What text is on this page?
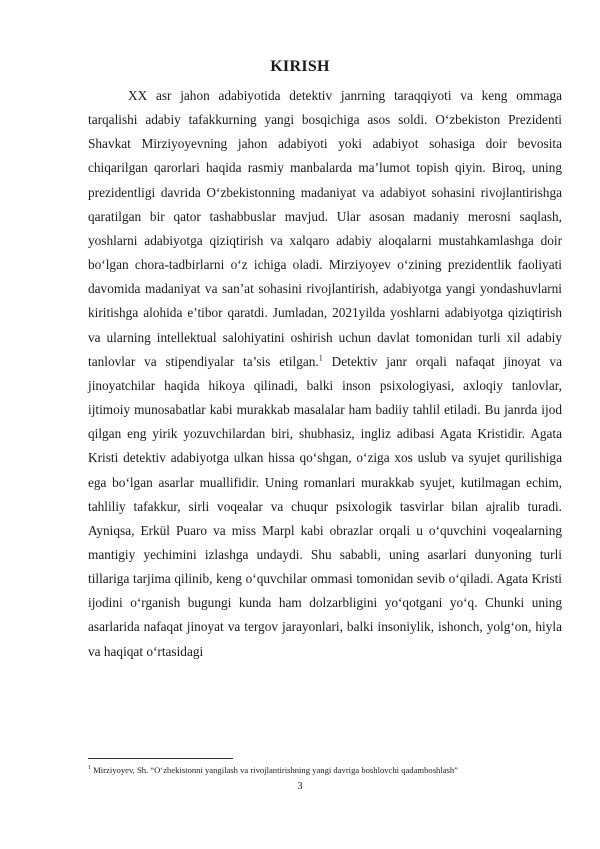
KIRISH

XX asr jahon adabiyotida detektiv janrning taraqqiyoti va keng ommaga tarqalishi adabiy tafakkurning yangi bosqichiga asos soldi. O‘zbekiston Prezidenti Shavkat Mirziyoyevning jahon adabiyoti yoki adabiyot sohasiga doir bevosita chiqarilgan qarorlari haqida rasmiy manbalarda ma’lumot topish qiyin. Biroq, uning prezidentligi davrida O‘zbekistonning madaniyat va adabiyot sohasini rivojlantirishga qaratilgan bir qator tashabbuslar mavjud. Ular asosan madaniy merosni saqlash, yoshlarni adabiyotga qiziqtirish va xalqaro adabiy aloqalarni mustahkamlashga doir bo‘lgan chora-tadbirlarni o‘z ichiga oladi. Mirziyoyev o‘zining prezidentlik faoliyati davomida madaniyat va san’at sohasini rivojlantirish, adabiyotga yangi yondashuvlarni kiritishga alohida e’tibor qaratdi. Jumladan, 2021yilda yoshlarni adabiyotga qiziqtirish va ularning intellektual salohiyatini oshirish uchun davlat tomonidan turli xil adabiy tanlovlar va stipendiyalar ta’sis etilgan.$^1$ Detektiv janr orqali nafaqat jinoyat va jinoyatchilar haqida hikoya qilinadi, balki inson psixologiyasi, axloqiy tanlovlar, ijtimoiy munosabatlar kabi murakkab masalalar ham badiiy tahlil etiladi. Bu janrda ijod qilgan eng yirik yozuvchilardan biri, shubhasiz, ingliz adibasi Agata Kristidir. Agata Kristi detektiv adabiyotga ulkan hissa qo‘shgan, o‘ziga xos uslub va syujet qurilishiga ega bo‘lgan asarlar muallifidir. Uning romanlari murakkab syujet, kutilmagan echim, tahliliy tafakkur, sirli voqealar va chuqur psixologik tasvirlar bilan ajralib turadi. Ayniqsa, Erkül Puaro va miss Marpl kabi obrazlar orqali u o‘quvchini voqealarning mantigiy yechimini izlashga undaydi. Shu sababli, uning asarlari dunyoning turli tillariga tarjima qilinib, keng o‘quvchilar ommasi tomonidan sevib o‘qiladi. Agata Kristi ijodini o‘rganish bugungi kunda ham dolzarbligini yo‘qotgani yo‘q. Chunki uning asarlarida nafaqat jinoyat va tergov jarayonlari, balki insoniylik, ishonch, yolg‘on, hiyla va haqiqat o‘rtasidagi

$^1$ Mirziyoyev, Sh. “O‘zbekistonni yangilash va rivojlantirishning yangi davriga boshlovchi qadamboshlash”
3
